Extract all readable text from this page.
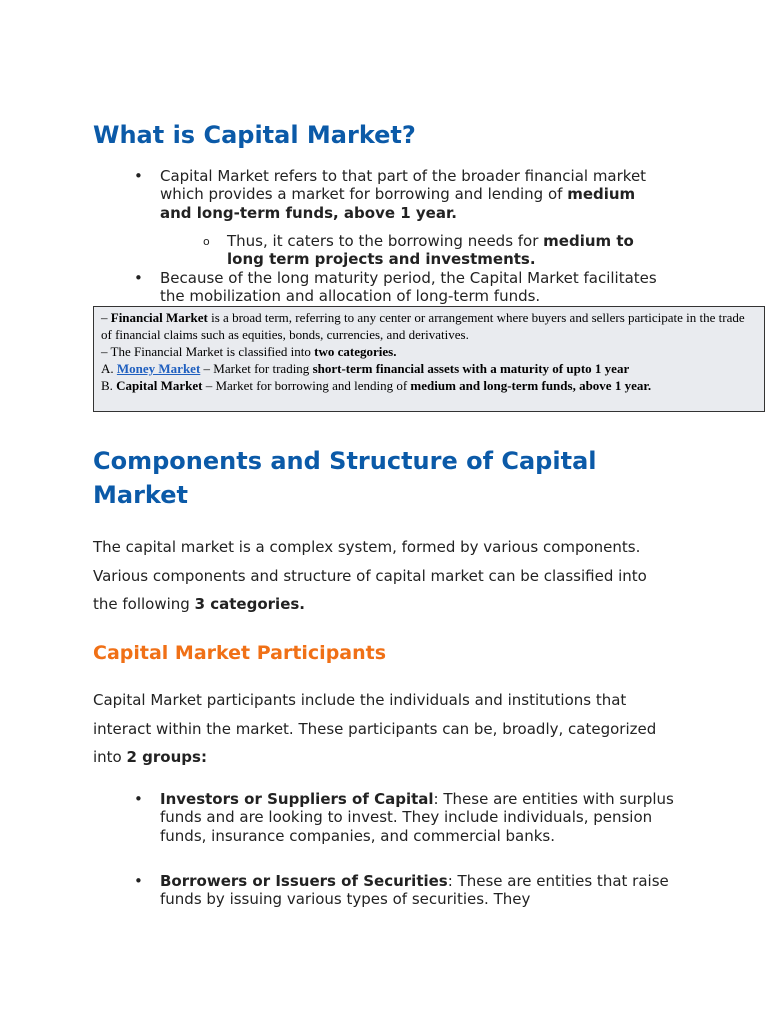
What is Capital Market?
• Capital Market refers to that part of the broader financial market which provides a market for borrowing and lending of medium and long-term funds, above 1 year.
o Thus, it caters to the borrowing needs for medium to long term projects and investments.
• Because of the long maturity period, the Capital Market facilitates the mobilization and allocation of long-term funds.
– Financial Market is a broad term, referring to any center or arrangement where buyers and sellers participate in the trade of financial claims such as equities, bonds, currencies, and derivatives.
– The Financial Market is classified into two categories.
A. Money Market – Market for trading short-term financial assets with a maturity of upto 1 year
B. Capital Market – Market for borrowing and lending of medium and long-term funds, above 1 year.
Components and Structure of Capital
Market

The capital market is a complex system, formed by various components. Various components and structure of capital market can be classified into the following 3 categories.

Capital Market Participants

Capital Market participants include the individuals and institutions that interact within the market. These participants can be, broadly, categorized into 2 groups:

• Investors or Suppliers of Capital: These are entities with surplus funds and are looking to invest. They include individuals, pension funds, insurance companies, and commercial banks.
• Borrowers or Issuers of Securities: These are entities that raise funds by issuing various types of securities. They
